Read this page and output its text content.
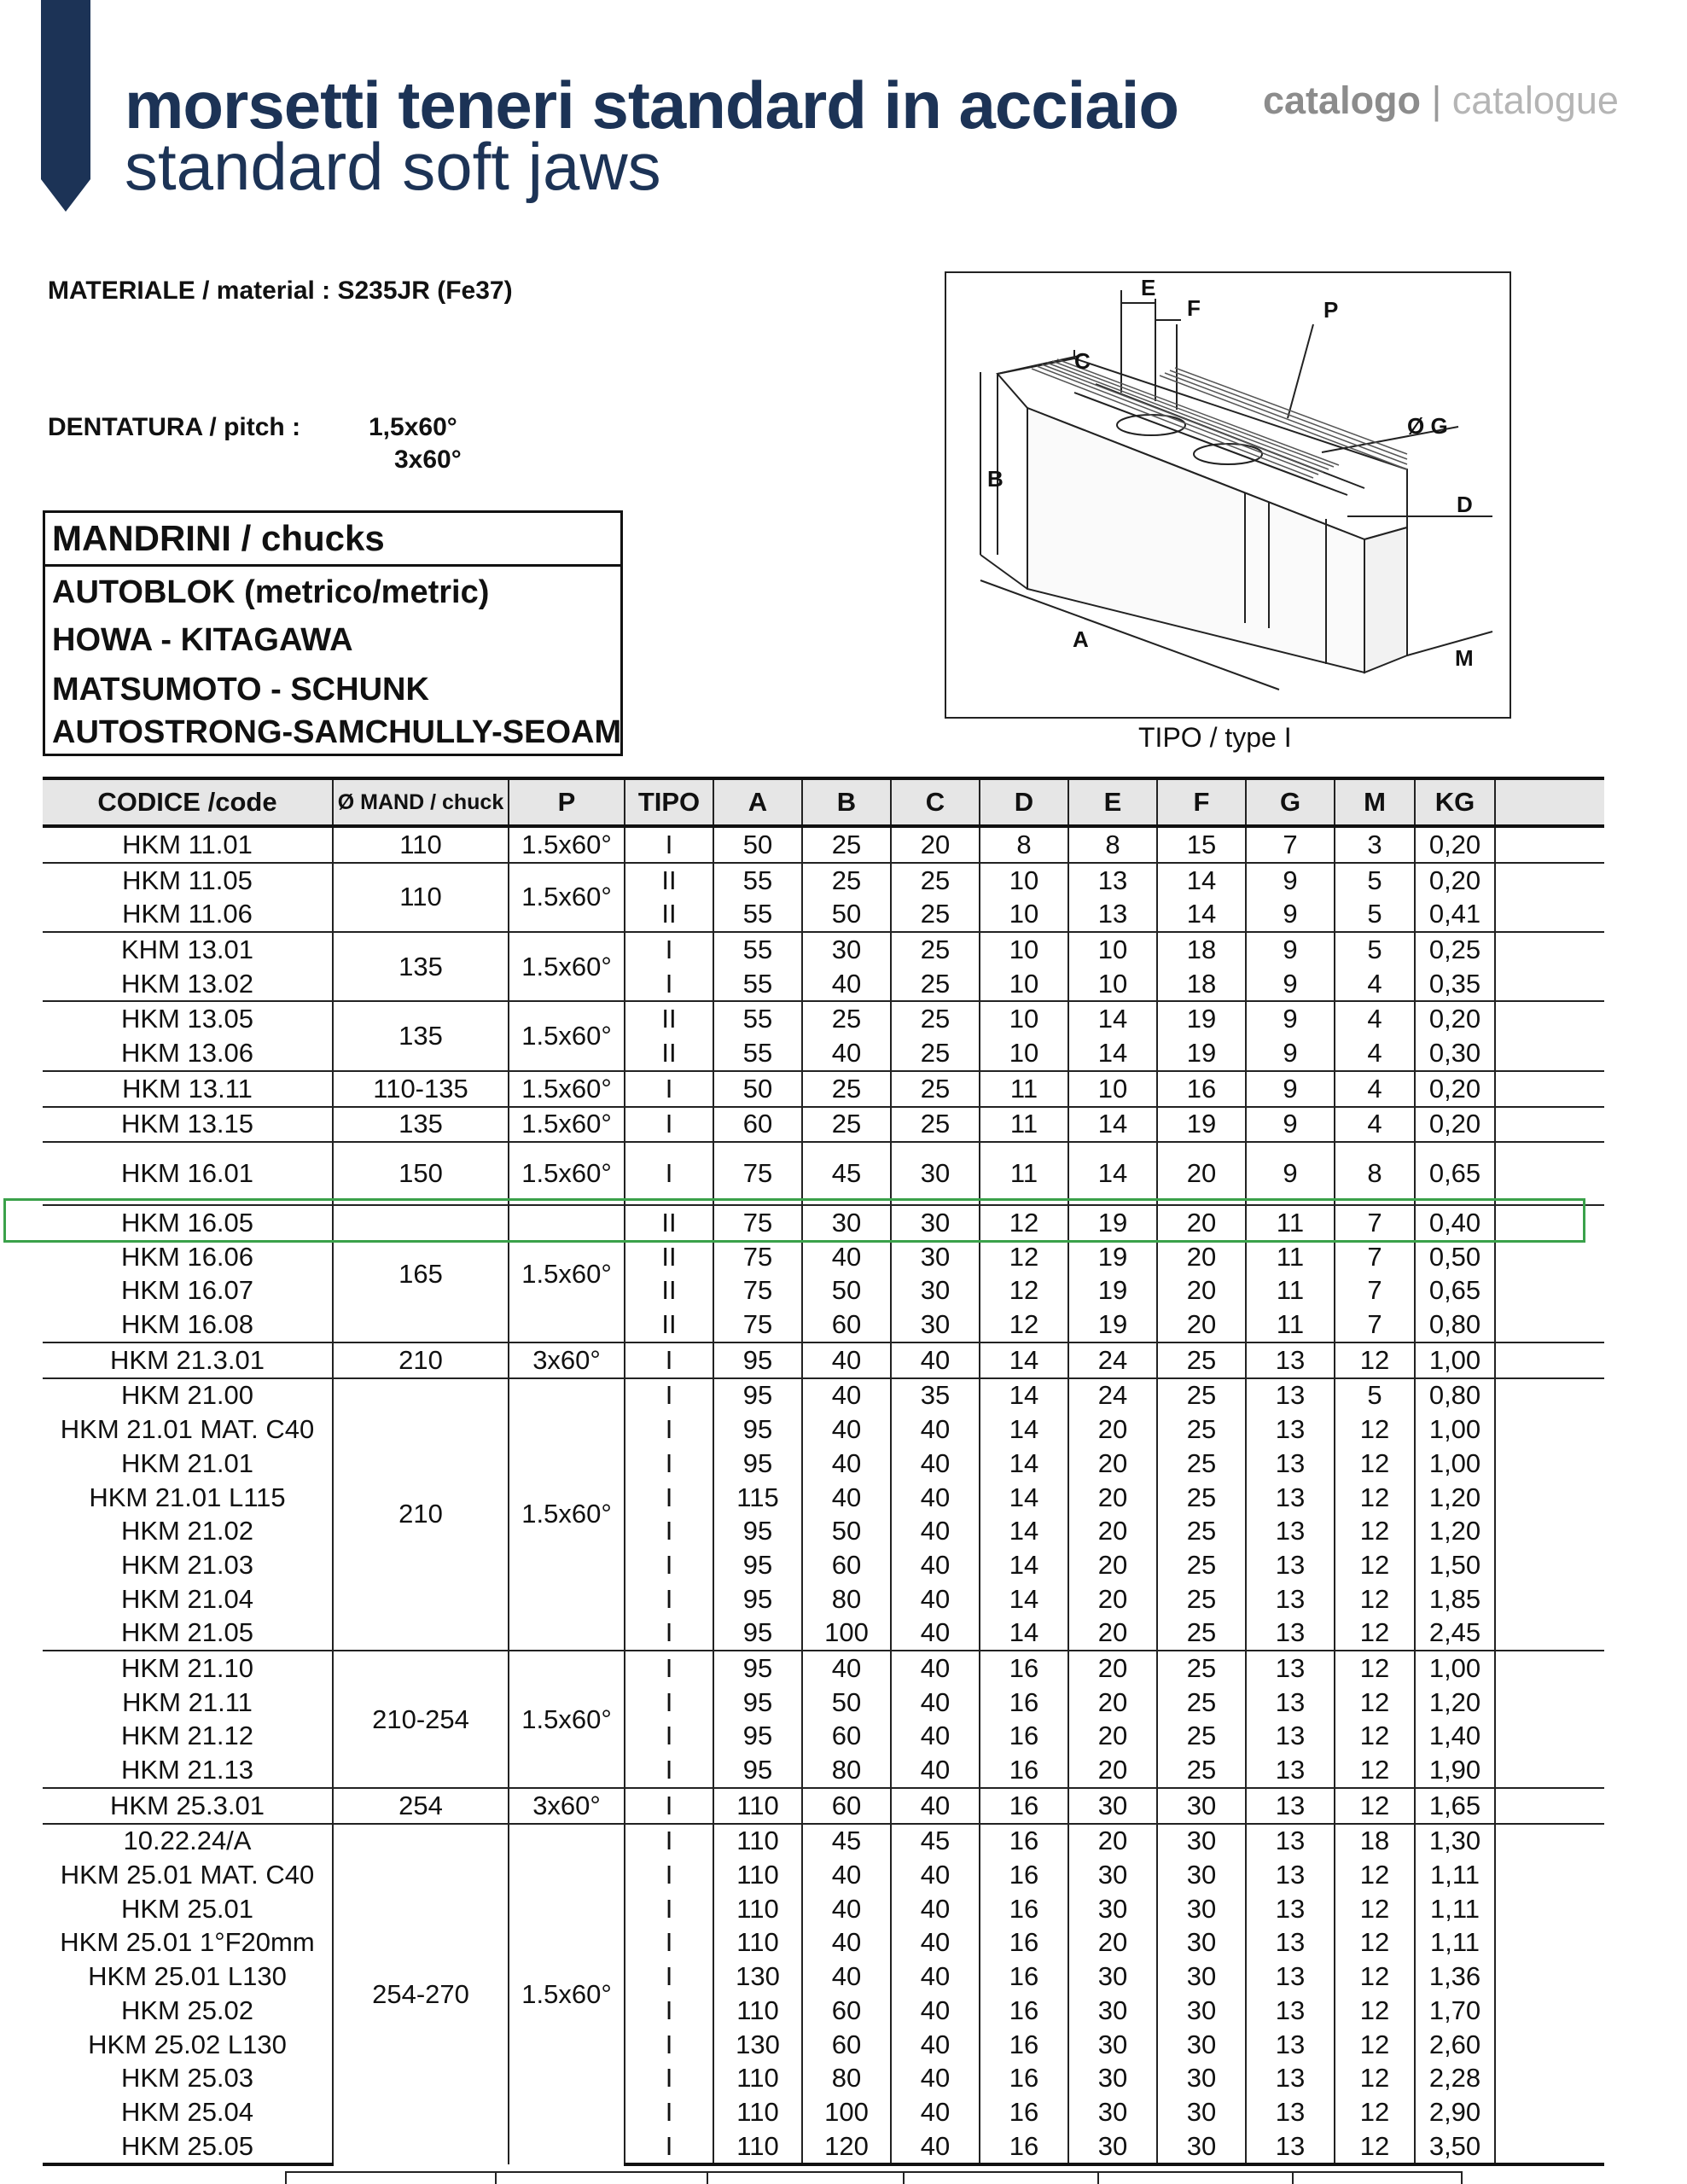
morsetti teneri standard in acciaio
standard soft jaws
catalogo | catalogue
MATERIALE / material : S235JR (Fe37)
DENTATURA / pitch :	1,5x60°
3x60°
MANDRINI / chucks
AUTOBLOK (metrico/metric)
HOWA - KITAGAWA
MATSUMOTO - SCHUNK
AUTOSTRONG-SAMCHULLY-SEOAM
E
F	P
C
Ø G
B
D
A
M
TIPO / type I
CODICE /code	Ø MAND / chuck	P	TIPO	A	B	C	D	E	F	G	M	KG	
HKM 11.01	110	1.5x60°	I	50	25	20	8	8	15	7	3	0,20	
HKM 11.05	110	1.5x60°	II	55	25	25	10	13	14	9	5	0,20	
HKM 11.06			II	55	50	25	10	13	14	9	5	0,41	
KHM 13.01	135	1.5x60°	I	55	30	25	10	10	18	9	5	0,25	
HKM 13.02			I	55	40	25	10	10	18	9	4	0,35	
HKM 13.05	135	1.5x60°	II	55	25	25	10	14	19	9	4	0,20	
HKM 13.06			II	55	40	25	10	14	19	9	4	0,30	
HKM 13.11	110-135	1.5x60°	I	50	25	25	11	10	16	9	4	0,20	
HKM 13.15	135	1.5x60°	I	60	25	25	11	14	19	9	4	0,20	
HKM 16.01	150	1.5x60°	I	75	45	30	11	14	20	9	8	0,65	
HKM 16.05	165	1.5x60°	II	75	30	30	12	19	20	11	7	0,40	
HKM 16.06			II	75	40	30	12	19	20	11	7	0,50	
HKM 16.07			II	75	50	30	12	19	20	11	7	0,65	
HKM 16.08			II	75	60	30	12	19	20	11	7	0,80	
HKM 21.3.01	210	3x60°	I	95	40	40	14	24	25	13	12	1,00	
HKM 21.00	210	1.5x60°	I	95	40	35	14	24	25	13	5	0,80	
HKM 21.01 MAT. C40			I	95	40	40	14	20	25	13	12	1,00	
HKM 21.01			I	95	40	40	14	20	25	13	12	1,00	
HKM 21.01 L115			I	115	40	40	14	20	25	13	12	1,20	
HKM 21.02			I	95	50	40	14	20	25	13	12	1,20	
HKM 21.03			I	95	60	40	14	20	25	13	12	1,50	
HKM 21.04			I	95	80	40	14	20	25	13	12	1,85	
HKM 21.05			I	95	100	40	14	20	25	13	12	2,45	
HKM 21.10	210-254	1.5x60°	I	95	40	40	16	20	25	13	12	1,00	
HKM 21.11			I	95	50	40	16	20	25	13	12	1,20	
HKM 21.12			I	95	60	40	16	20	25	13	12	1,40	
HKM 21.13			I	95	80	40	16	20	25	13	12	1,90	
HKM 25.3.01	254	3x60°	I	110	60	40	16	30	30	13	12	1,65	
10.22.24/A	254-270	1.5x60°	I	110	45	45	16	20	30	13	18	1,30	
HKM 25.01 MAT. C40			I	110	40	40	16	30	30	13	12	1,11	
HKM 25.01			I	110	40	40	16	30	30	13	12	1,11	
HKM 25.01 1°F20mm			I	110	40	40	16	20	30	13	12	1,11	
HKM 25.01 L130			I	130	40	40	16	30	30	13	12	1,36	
HKM 25.02			I	110	60	40	16	30	30	13	12	1,70	
HKM 25.02 L130			I	130	60	40	16	30	30	13	12	2,60	
HKM 25.03			I	110	80	40	16	30	30	13	12	2,28	
HKM 25.04			I	110	100	40	16	30	30	13	12	2,90	
HKM 25.05			I	110	120	40	16	30	30	13	12	3,50	
